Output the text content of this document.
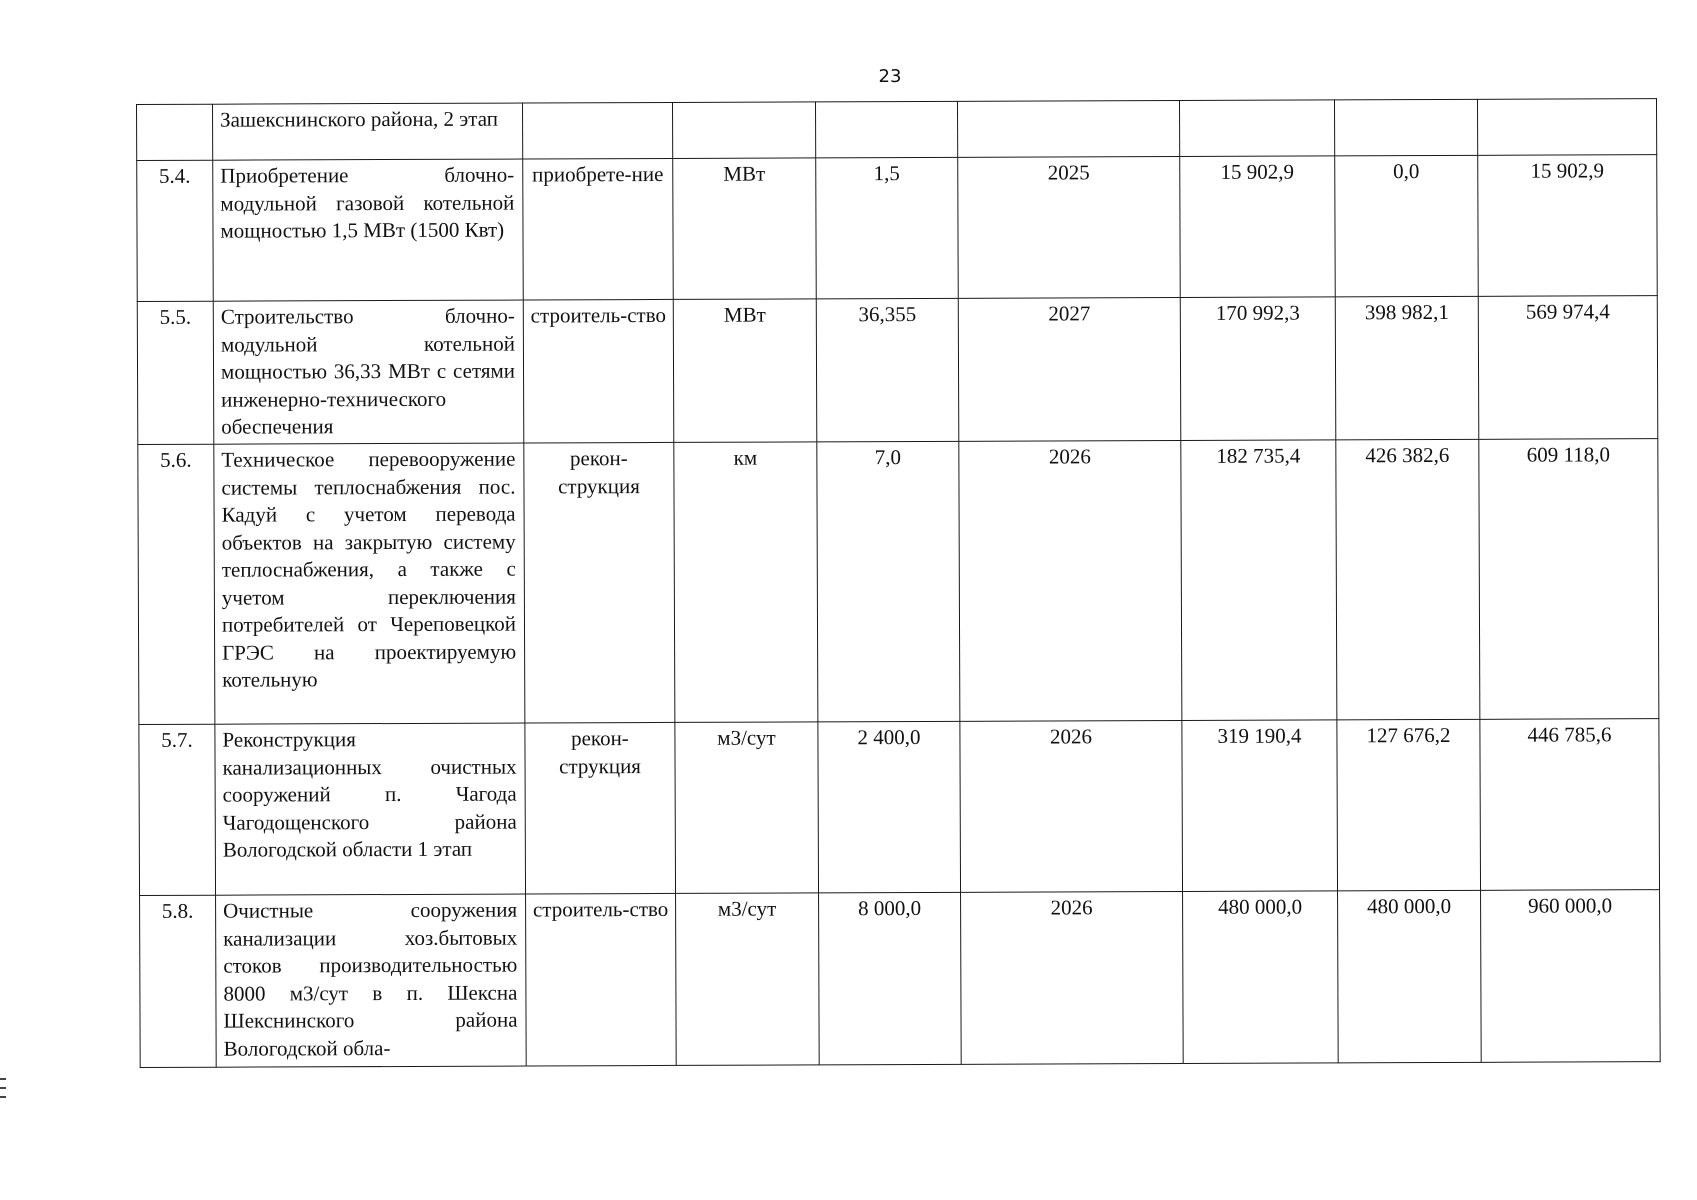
23
	Зашекснинского района, 2 этап							
5.4.	Приобретение блочно-модульной газовой котельной мощностью 1,5 МВт (1500 Квт)	приобрете-ние	МВт	1,5	2025	15 902,9	0,0	15 902,9
5.5.	Строительство блочно-модульной котельной мощностью 36,33 МВт с сетями инженерно-технического обеспечения	строитель-ство	МВт	36,355	2027	170 992,3	398 982,1	569 974,4
5.6.	Техническое перевооружение системы теплоснабжения пос. Кадуй с учетом перевода объектов на закрытую систему теплоснабжения, а также с учетом переключения потребителей от Череповецкой ГРЭС на проектируемую котельную	рекон-струкция	км	7,0	2026	182 735,4	426 382,6	609 118,0
5.7.	Реконструкция канализационных очистных сооружений п. Чагода Чагодощенского района Вологодской области 1 этап	рекон-струкция	м3/сут	2 400,0	2026	319 190,4	127 676,2	446 785,6
5.8.	Очистные сооружения канализации хоз.бытовых стоков производительностью 8000 м3/сут в п. Шексна Шекснинского района Вологодской обла-	строитель-ство	м3/сут	8 000,0	2026	480 000,0	480 000,0	960 000,0
